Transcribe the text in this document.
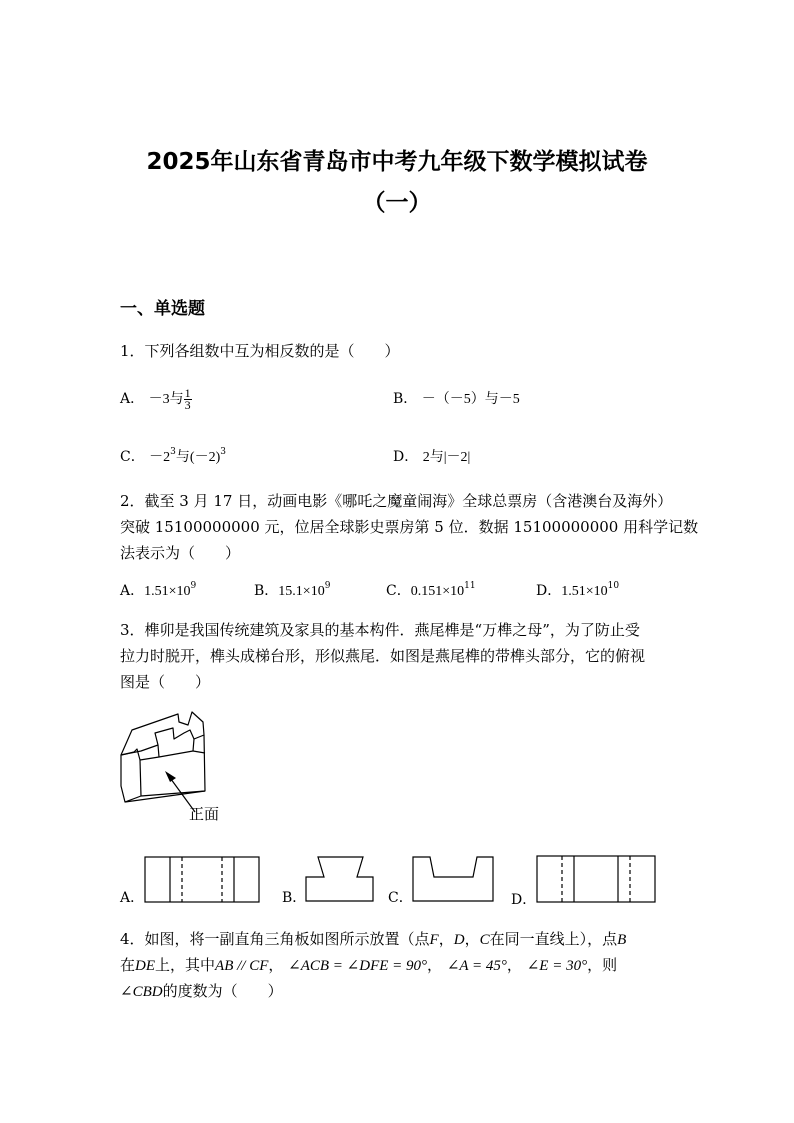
2025年山东省青岛市中考九年级下数学模拟试卷
（一）
一、单选题
1．下列各组数中互为相反数的是（　　）
A． －3与 $\frac{1}{3}$	B． －（－5）与－5
C． $-2^3$与$(-2)^3$	D． 2与|－2|
2．截至 3 月 17 日，动画电影《哪吒之魔童闹海》全球总票房（含港澳台及海外）
突破 15100000000 元，位居全球影史票房第 5 位．数据 15100000000 用科学记数
法表示为（　　）
A．$1.51\times 10^9$	B．$15.1\times 10^9$	C．$0.151\times 10^{11}$	D．$1.51\times 10^{10}$
3．榫卯是我国传统建筑及家具的基本构件．燕尾榫是“万榫之母”，为了防止受
拉力时脱开，榫头成梯台形，形似燕尾．如图是燕尾榫的带榫头部分，它的俯视
图是（　　）
正面
A．	B．	C．	D．
4．如图，将一副直角三角板如图所示放置（点F，D，C在同一直线上），点B
在DE上，其中AB // CF， ∠ACB = ∠DFE = 90°， ∠A = 45°， ∠E = 30°，则
∠CBD的度数为（　　）
